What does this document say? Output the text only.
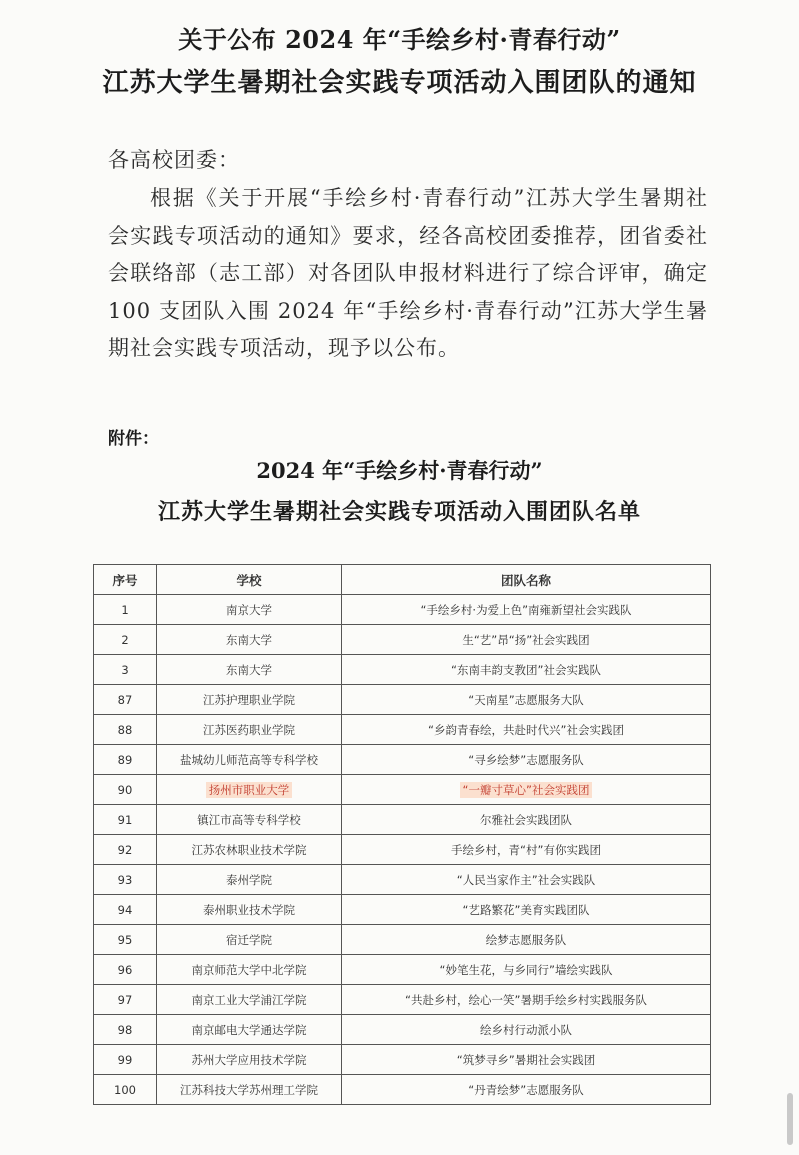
关于公布 2024 年“手绘乡村·青春行动”
江苏大学生暑期社会实践专项活动入围团队的通知
各高校团委：
根据《关于开展“手绘乡村·青春行动”江苏大学生暑期社会实践专项活动的通知》要求，经各高校团委推荐，团省委社会联络部（志工部）对各团队申报材料进行了综合评审，确定 100 支团队入围 2024 年“手绘乡村·青春行动”江苏大学生暑期社会实践专项活动，现予以公布。
附件：
2024 年“手绘乡村·青春行动”
江苏大学生暑期社会实践专项活动入围团队名单
序号	学校	团队名称
1	南京大学	“手绘乡村·为爱上色”南雍新望社会实践队
2	东南大学	生“艺”昂“扬”社会实践团
3	东南大学	“东南丰韵支教团”社会实践队
87	江苏护理职业学院	“天南星”志愿服务大队
88	江苏医药职业学院	“乡韵青春绘，共赴时代兴”社会实践团
89	盐城幼儿师范高等专科学校	“寻乡绘梦”志愿服务队
90	扬州市职业大学	“一瓣寸草心”社会实践团
91	镇江市高等专科学校	尔雅社会实践团队
92	江苏农林职业技术学院	手绘乡村，青“村”有你实践团
93	泰州学院	“人民当家作主”社会实践队
94	泰州职业技术学院	“艺路繁花”美育实践团队
95	宿迁学院	绘梦志愿服务队
96	南京师范大学中北学院	“妙笔生花，与乡同行”墙绘实践队
97	南京工业大学浦江学院	“共赴乡村，绘心一笑”暑期手绘乡村实践服务队
98	南京邮电大学通达学院	绘乡村行动派小队
99	苏州大学应用技术学院	“筑梦寻乡”暑期社会实践团
100	江苏科技大学苏州理工学院	“丹青绘梦”志愿服务队
